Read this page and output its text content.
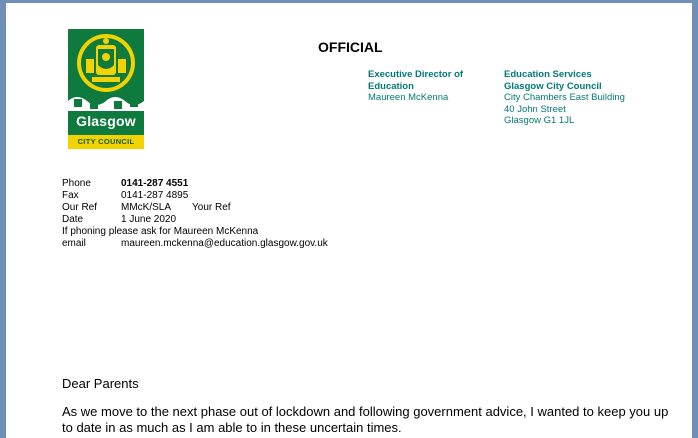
Glasgow
CITY COUNCIL
OFFICIAL
Executive Director of Education
Maureen McKenna
Education Services
Glasgow City Council
City Chambers East Building
40 John Street
Glasgow G1 1JL
Phone	0141-287 4551
Fax	0141-287 4895
Our Ref MMcK/SLA Your Ref
Date	1 June 2020
If phoning please ask for Maureen McKenna
email	maureen.mckenna@education.glasgow.gov.uk
Dear Parents
As we move to the next phase out of lockdown and following government advice, I wanted to keep you up to date in as much as I am able to in these uncertain times.
